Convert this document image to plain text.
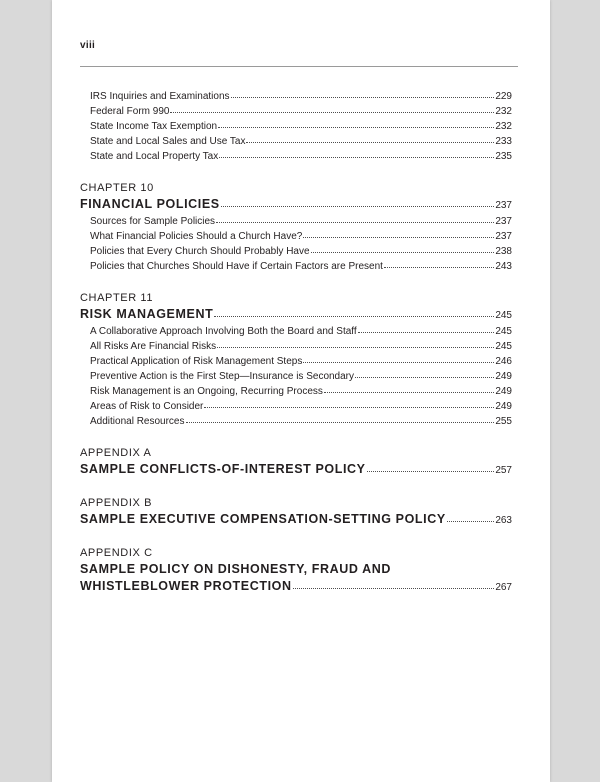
viii
IRS Inquiries and Examinations	229
Federal Form 990	232
State Income Tax Exemption	232
State and Local Sales and Use Tax	233
State and Local Property Tax	235
CHAPTER 10
FINANCIAL POLICIES	237
Sources for Sample Policies	237
What Financial Policies Should a Church Have?	237
Policies that Every Church Should Probably Have	238
Policies that Churches Should Have if Certain Factors are Present	243
CHAPTER 11
RISK MANAGEMENT	245
A Collaborative Approach Involving Both the Board and Staff	245
All Risks Are Financial Risks	245
Practical Application of Risk Management Steps	246
Preventive Action is the First Step—Insurance is Secondary	249
Risk Management is an Ongoing, Recurring Process	249
Areas of Risk to Consider	249
Additional Resources	255
APPENDIX A
SAMPLE CONFLICTS-OF-INTEREST POLICY	257
APPENDIX B
SAMPLE EXECUTIVE COMPENSATION-SETTING POLICY	263
APPENDIX C
SAMPLE POLICY ON DISHONESTY, FRAUD AND
WHISTLEBLOWER PROTECTION	267
